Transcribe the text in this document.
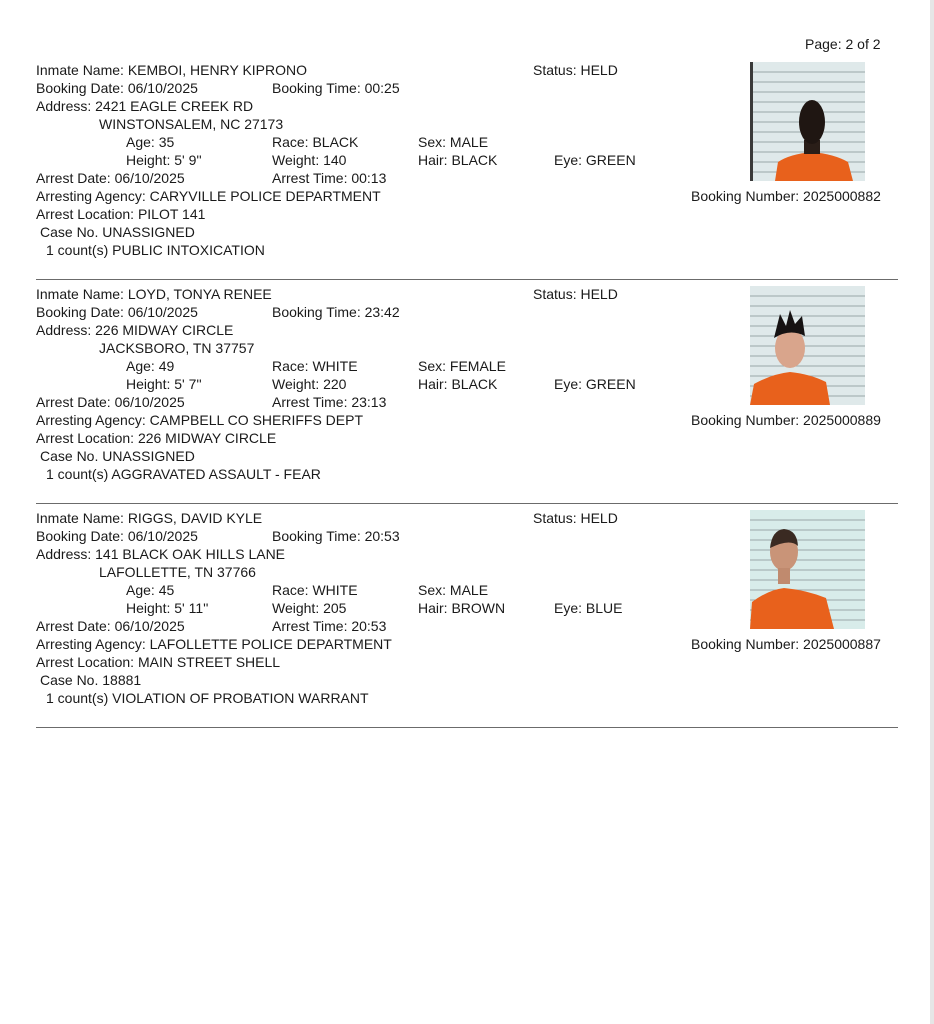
Page: 2 of 2
Inmate Name: KEMBOI, HENRY KIPRONO	Status: HELD
Booking Date: 06/10/2025	Booking Time: 00:25
Address: 2421 EAGLE CREEK RD
WINSTONSALEM, NC 27173
Age: 35	Race: BLACK	Sex: MALE
Height: 5' 9''	Weight: 140	Hair: BLACK	Eye: GREEN
Arrest Date: 06/10/2025	Arrest Time: 00:13
Arresting Agency: CARYVILLE POLICE DEPARTMENT	Booking Number: 2025000882
Arrest Location: PILOT 141
Case No. UNASSIGNED
1 count(s) PUBLIC INTOXICATION
Inmate Name: LOYD, TONYA RENEE	Status: HELD
Booking Date: 06/10/2025	Booking Time: 23:42
Address: 226 MIDWAY CIRCLE
JACKSBORO, TN 37757
Age: 49	Race: WHITE	Sex: FEMALE
Height: 5' 7''	Weight: 220	Hair: BLACK	Eye: GREEN
Arrest Date: 06/10/2025	Arrest Time: 23:13
Arresting Agency: CAMPBELL CO SHERIFFS DEPT	Booking Number: 2025000889
Arrest Location: 226 MIDWAY CIRCLE
Case No. UNASSIGNED
1 count(s) AGGRAVATED ASSAULT - FEAR
Inmate Name: RIGGS, DAVID KYLE	Status: HELD
Booking Date: 06/10/2025	Booking Time: 20:53
Address: 141 BLACK OAK HILLS LANE
LAFOLLETTE, TN 37766
Age: 45	Race: WHITE	Sex: MALE
Height: 5' 11''	Weight: 205	Hair: BROWN	Eye: BLUE
Arrest Date: 06/10/2025	Arrest Time: 20:53
Arresting Agency: LAFOLLETTE POLICE DEPARTMENT	Booking Number: 2025000887
Arrest Location: MAIN STREET SHELL
Case No. 18881
1 count(s) VIOLATION OF PROBATION WARRANT
